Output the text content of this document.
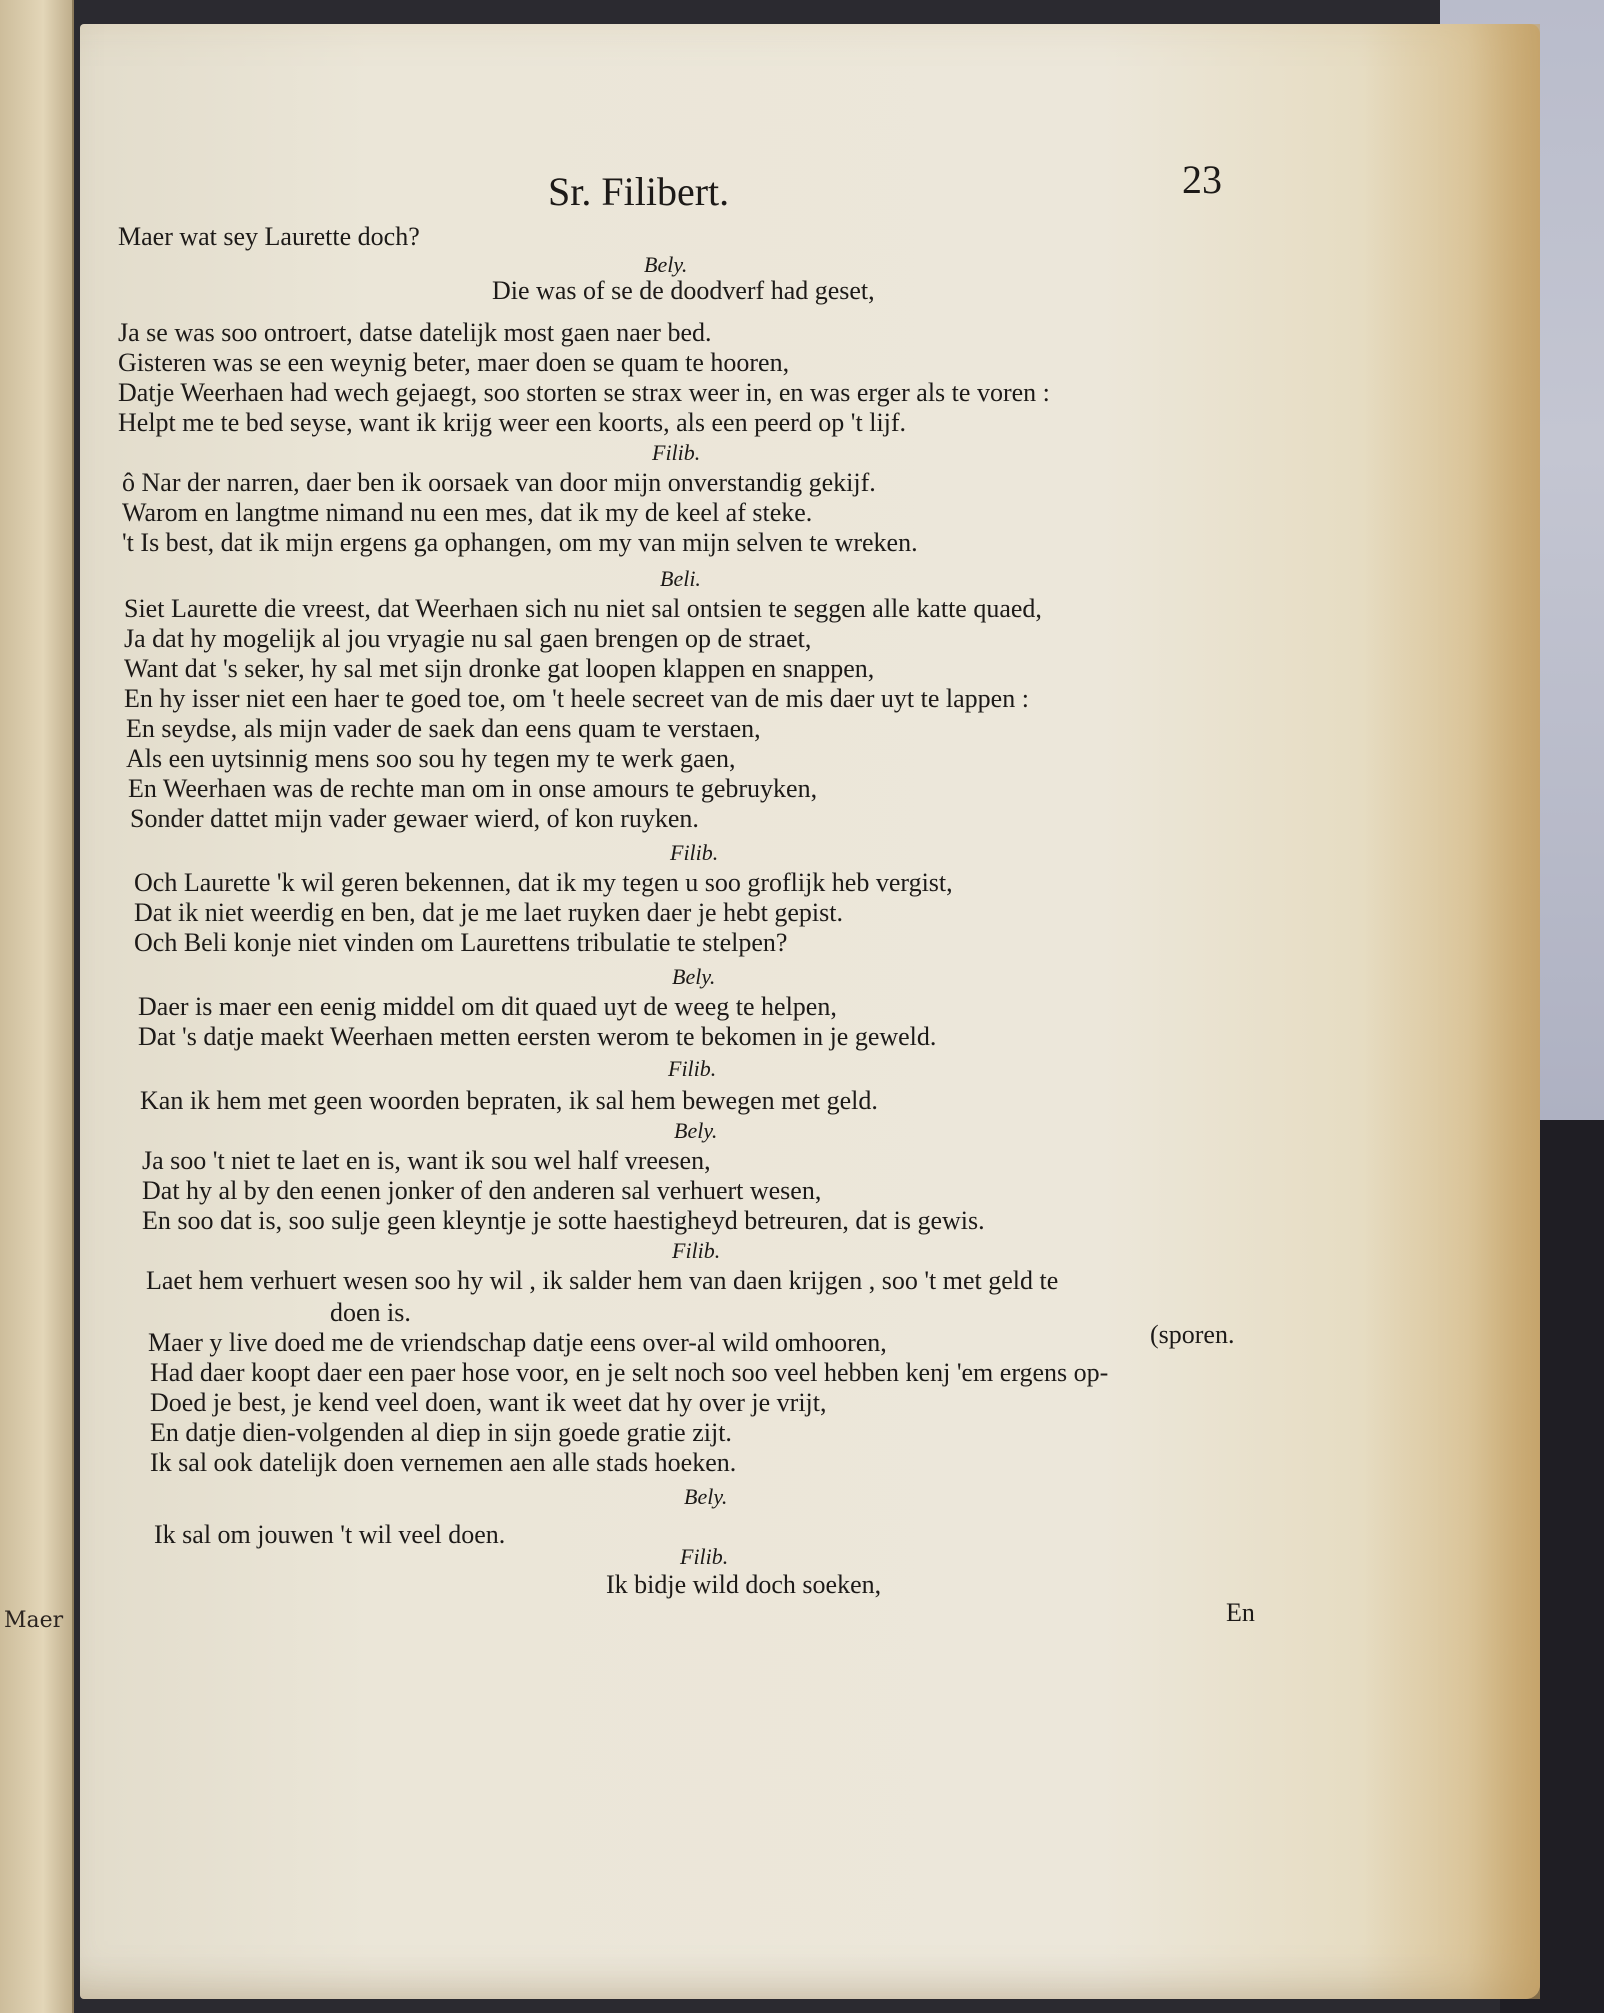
Maer
Sr. Filibert.	23
Maer wat sey Laurette doch?
Bely.
Die was of se de doodverf had geset,
Ja se was soo ontroert, datse datelijk most gaen naer bed.
Gisteren was se een weynig beter, maer doen se quam te hooren,
Datje Weerhaen had wech gejaegt, soo storten se strax weer in, en was erger als te voren :
Helpt me te bed seyse, want ik krijg weer een koorts, als een peerd op 't lijf.
Filib.
ô Nar der narren, daer ben ik oorsaek van door mijn onverstandig gekijf.
Warom en langtme nimand nu een mes, dat ik my de keel af steke.
't Is best, dat ik mijn ergens ga ophangen, om my van mijn selven te wreken.
Beli.
Siet Laurette die vreest, dat Weerhaen sich nu niet sal ontsien te seggen alle katte quaed,
Ja dat hy mogelijk al jou vryagie nu sal gaen brengen op de straet,
Want dat 's seker, hy sal met sijn dronke gat loopen klappen en snappen,
En hy isser niet een haer te goed toe, om 't heele secreet van de mis daer uyt te lappen :
En seydse, als mijn vader de saek dan eens quam te verstaen,
Als een uytsinnig mens soo sou hy tegen my te werk gaen,
En Weerhaen was de rechte man om in onse amours te gebruyken,
Sonder dattet mijn vader gewaer wierd, of kon ruyken.
Filib.
Och Laurette 'k wil geren bekennen, dat ik my tegen u soo groflijk heb vergist,
Dat ik niet weerdig en ben, dat je me laet ruyken daer je hebt gepist.
Och Beli konje niet vinden om Laurettens tribulatie te stelpen?
Bely.
Daer is maer een eenig middel om dit quaed uyt de weeg te helpen,
Dat 's datje maekt Weerhaen metten eersten werom te bekomen in je geweld.
Filib.
Kan ik hem met geen woorden bepraten, ik sal hem bewegen met geld.
Bely.
Ja soo 't niet te laet en is, want ik sou wel half vreesen,
Dat hy al by den eenen jonker of den anderen sal verhuert wesen,
En soo dat is, soo sulje geen kleyntje je sotte haestigheyd betreuren, dat is gewis.
Filib.
Laet hem verhuert wesen soo hy wil , ik salder hem van daen krijgen , soo 't met geld te
doen is.
Maer y live doed me de vriendschap datje eens over-al wild omhooren,	(sporen.
Had daer koopt daer een paer hose voor, en je selt noch soo veel hebben kenj 'em ergens op-
Doed je best, je kend veel doen, want ik weet dat hy over je vrijt,
En datje dien-volgenden al diep in sijn goede gratie zijt.
Ik sal ook datelijk doen vernemen aen alle stads hoeken.
Bely.
Ik sal om jouwen 't wil veel doen.
Filib.
Ik bidje wild doch soeken,
En
